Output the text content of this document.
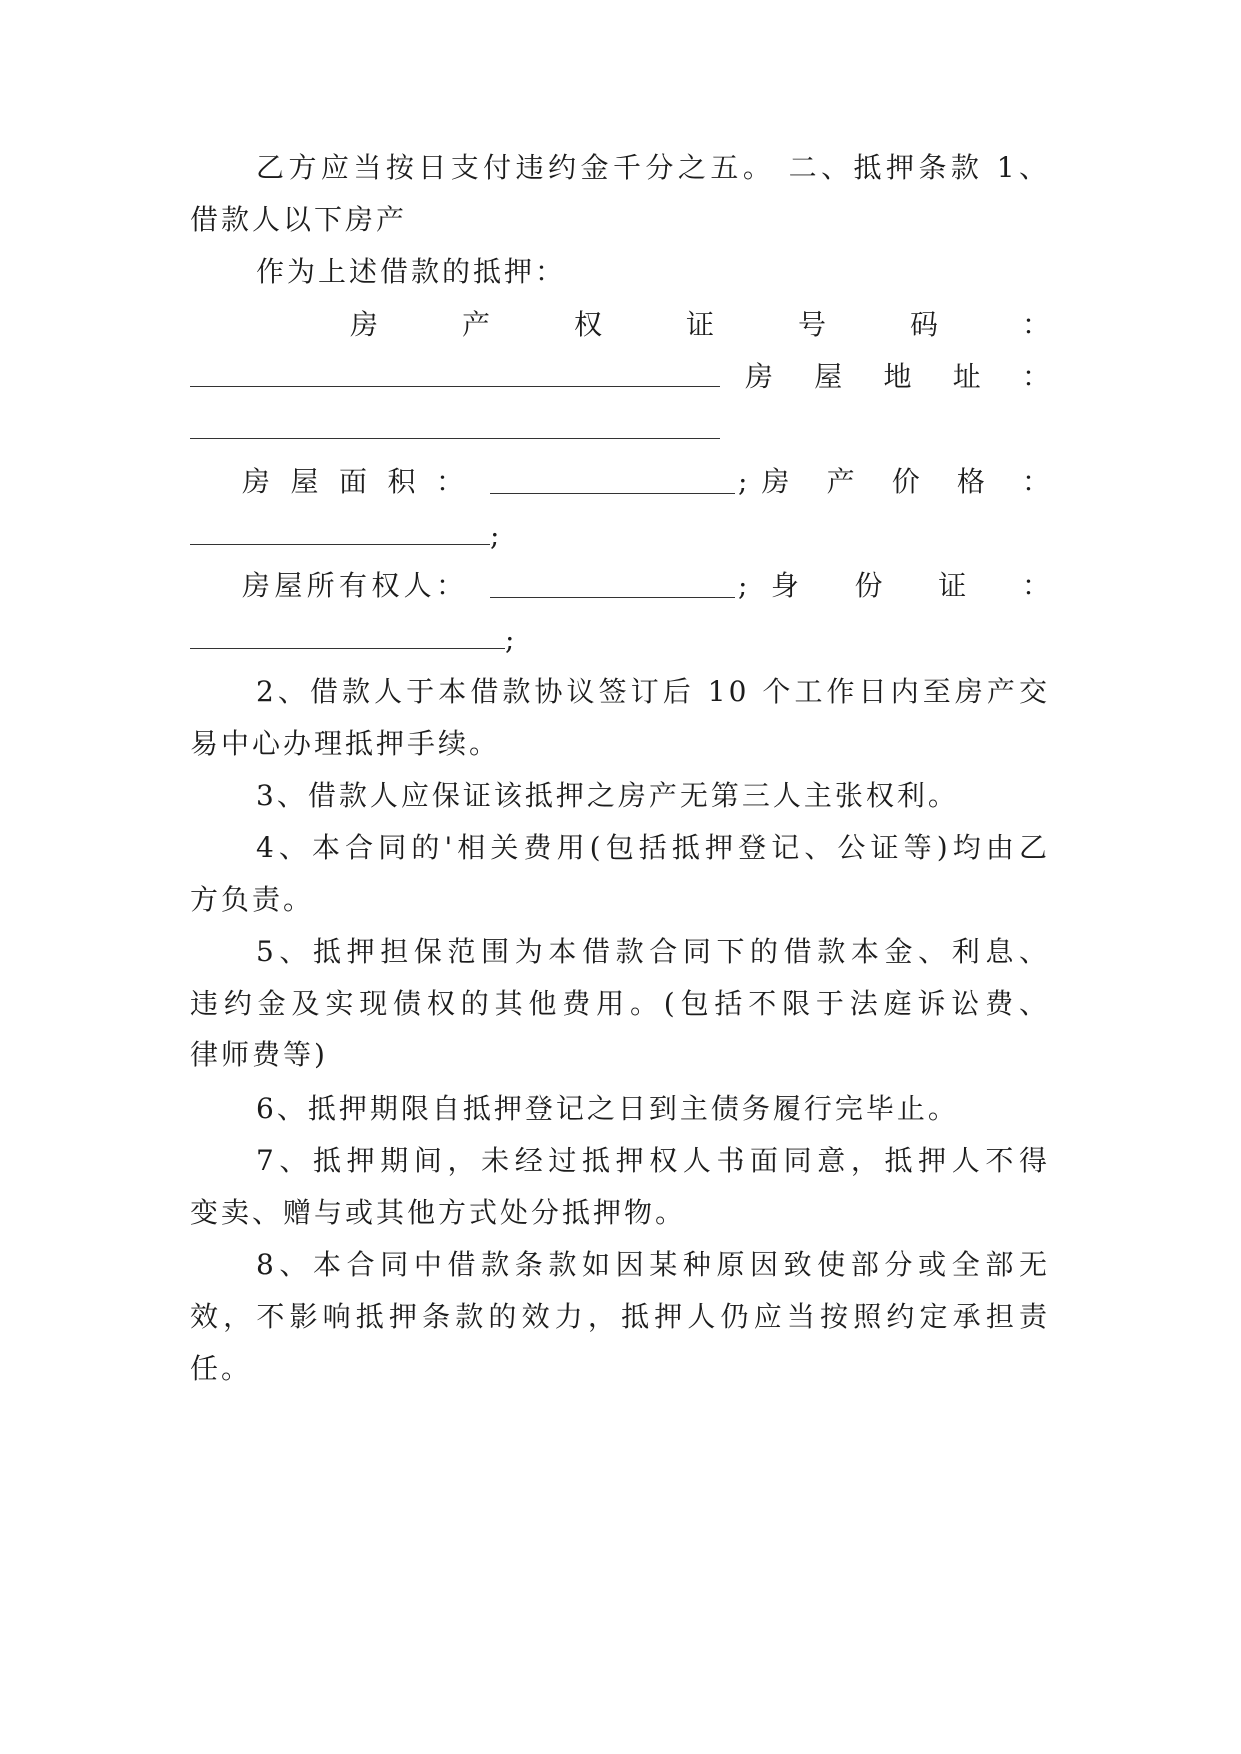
乙方应当按日支付违约金千分之五。 二、抵押条款 1、
借款人以下房产
作为上述借款的抵押：
房 产 权 证 号 码 ：
房 屋 地 址 ：
房 屋 面 积 ：	;房 产 价 格 ：
;
房屋所有权人：	;身 份 证 ：
;
2、借款人于本借款协议签订后 10 个工作日内至房产交
易中心办理抵押手续。
3、借款人应保证该抵押之房产无第三人主张权利。
4、本合同的'相关费用(包括抵押登记、公证等)均由乙
方负责。
5、抵押担保范围为本借款合同下的借款本金、利息、
违约金及实现债权的其他费用。(包括不限于法庭诉讼费、
律师费等)
6、抵押期限自抵押登记之日到主债务履行完毕止。
7、抵押期间，未经过抵押权人书面同意，抵押人不得
变卖、赠与或其他方式处分抵押物。
8、本合同中借款条款如因某种原因致使部分或全部无
效，不影响抵押条款的效力，抵押人仍应当按照约定承担责
任。
